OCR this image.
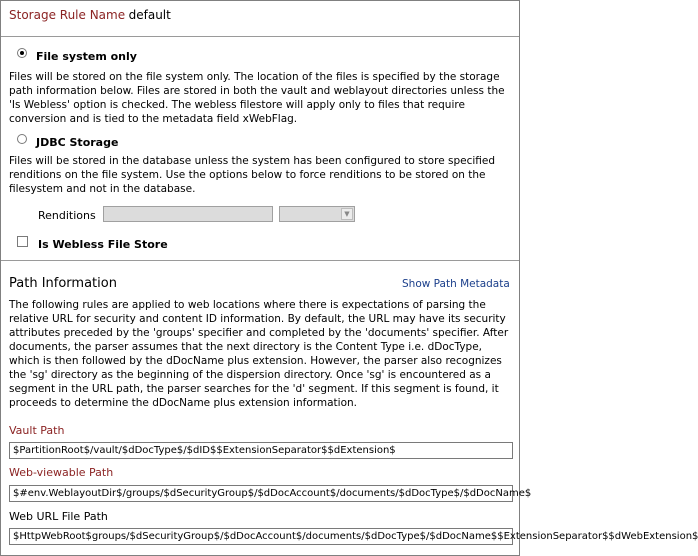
Storage Rule Name default
File system only
Files will be stored on the file system only. The location of the files is specified by the storage path information below. Files are stored in both the vault and weblayout directories unless the 'Is Webless' option is checked. The webless filestore will apply only to files that require conversion and is tied to the metadata field xWebFlag.
JDBC Storage
Files will be stored in the database unless the system has been configured to store specified renditions on the file system. Use the options below to force renditions to be stored on the filesystem and not in the database.
Renditions	▼
Is Webless File Store
Path Information	Show Path Metadata
The following rules are applied to web locations where there is expectations of parsing the relative URL for security and content ID information. By default, the URL may have its security attributes preceded by the 'groups' specifier and completed by the 'documents' specifier. After documents, the parser assumes that the next directory is the Content Type i.e. dDocType, which is then followed by the dDocName plus extension. However, the parser also recognizes the 'sg' directory as the beginning of the dispersion directory. Once 'sg' is encountered as a segment in the URL path, the parser searches for the 'd' segment. If this segment is found, it proceeds to determine the dDocName plus extension information.
Vault Path
$PartitionRoot$/vault/$dDocType$/$dID$$ExtensionSeparator$$dExtension$
Web-viewable Path
$#env.WeblayoutDir$/groups/$dSecurityGroup$/$dDocAccount$/documents/$dDocType$/$dDocName$
Web URL File Path
$HttpWebRoot$groups/$dSecurityGroup$/$dDocAccount$/documents/$dDocType$/$dDocName$$ExtensionSeparator$$dWebExtension$
